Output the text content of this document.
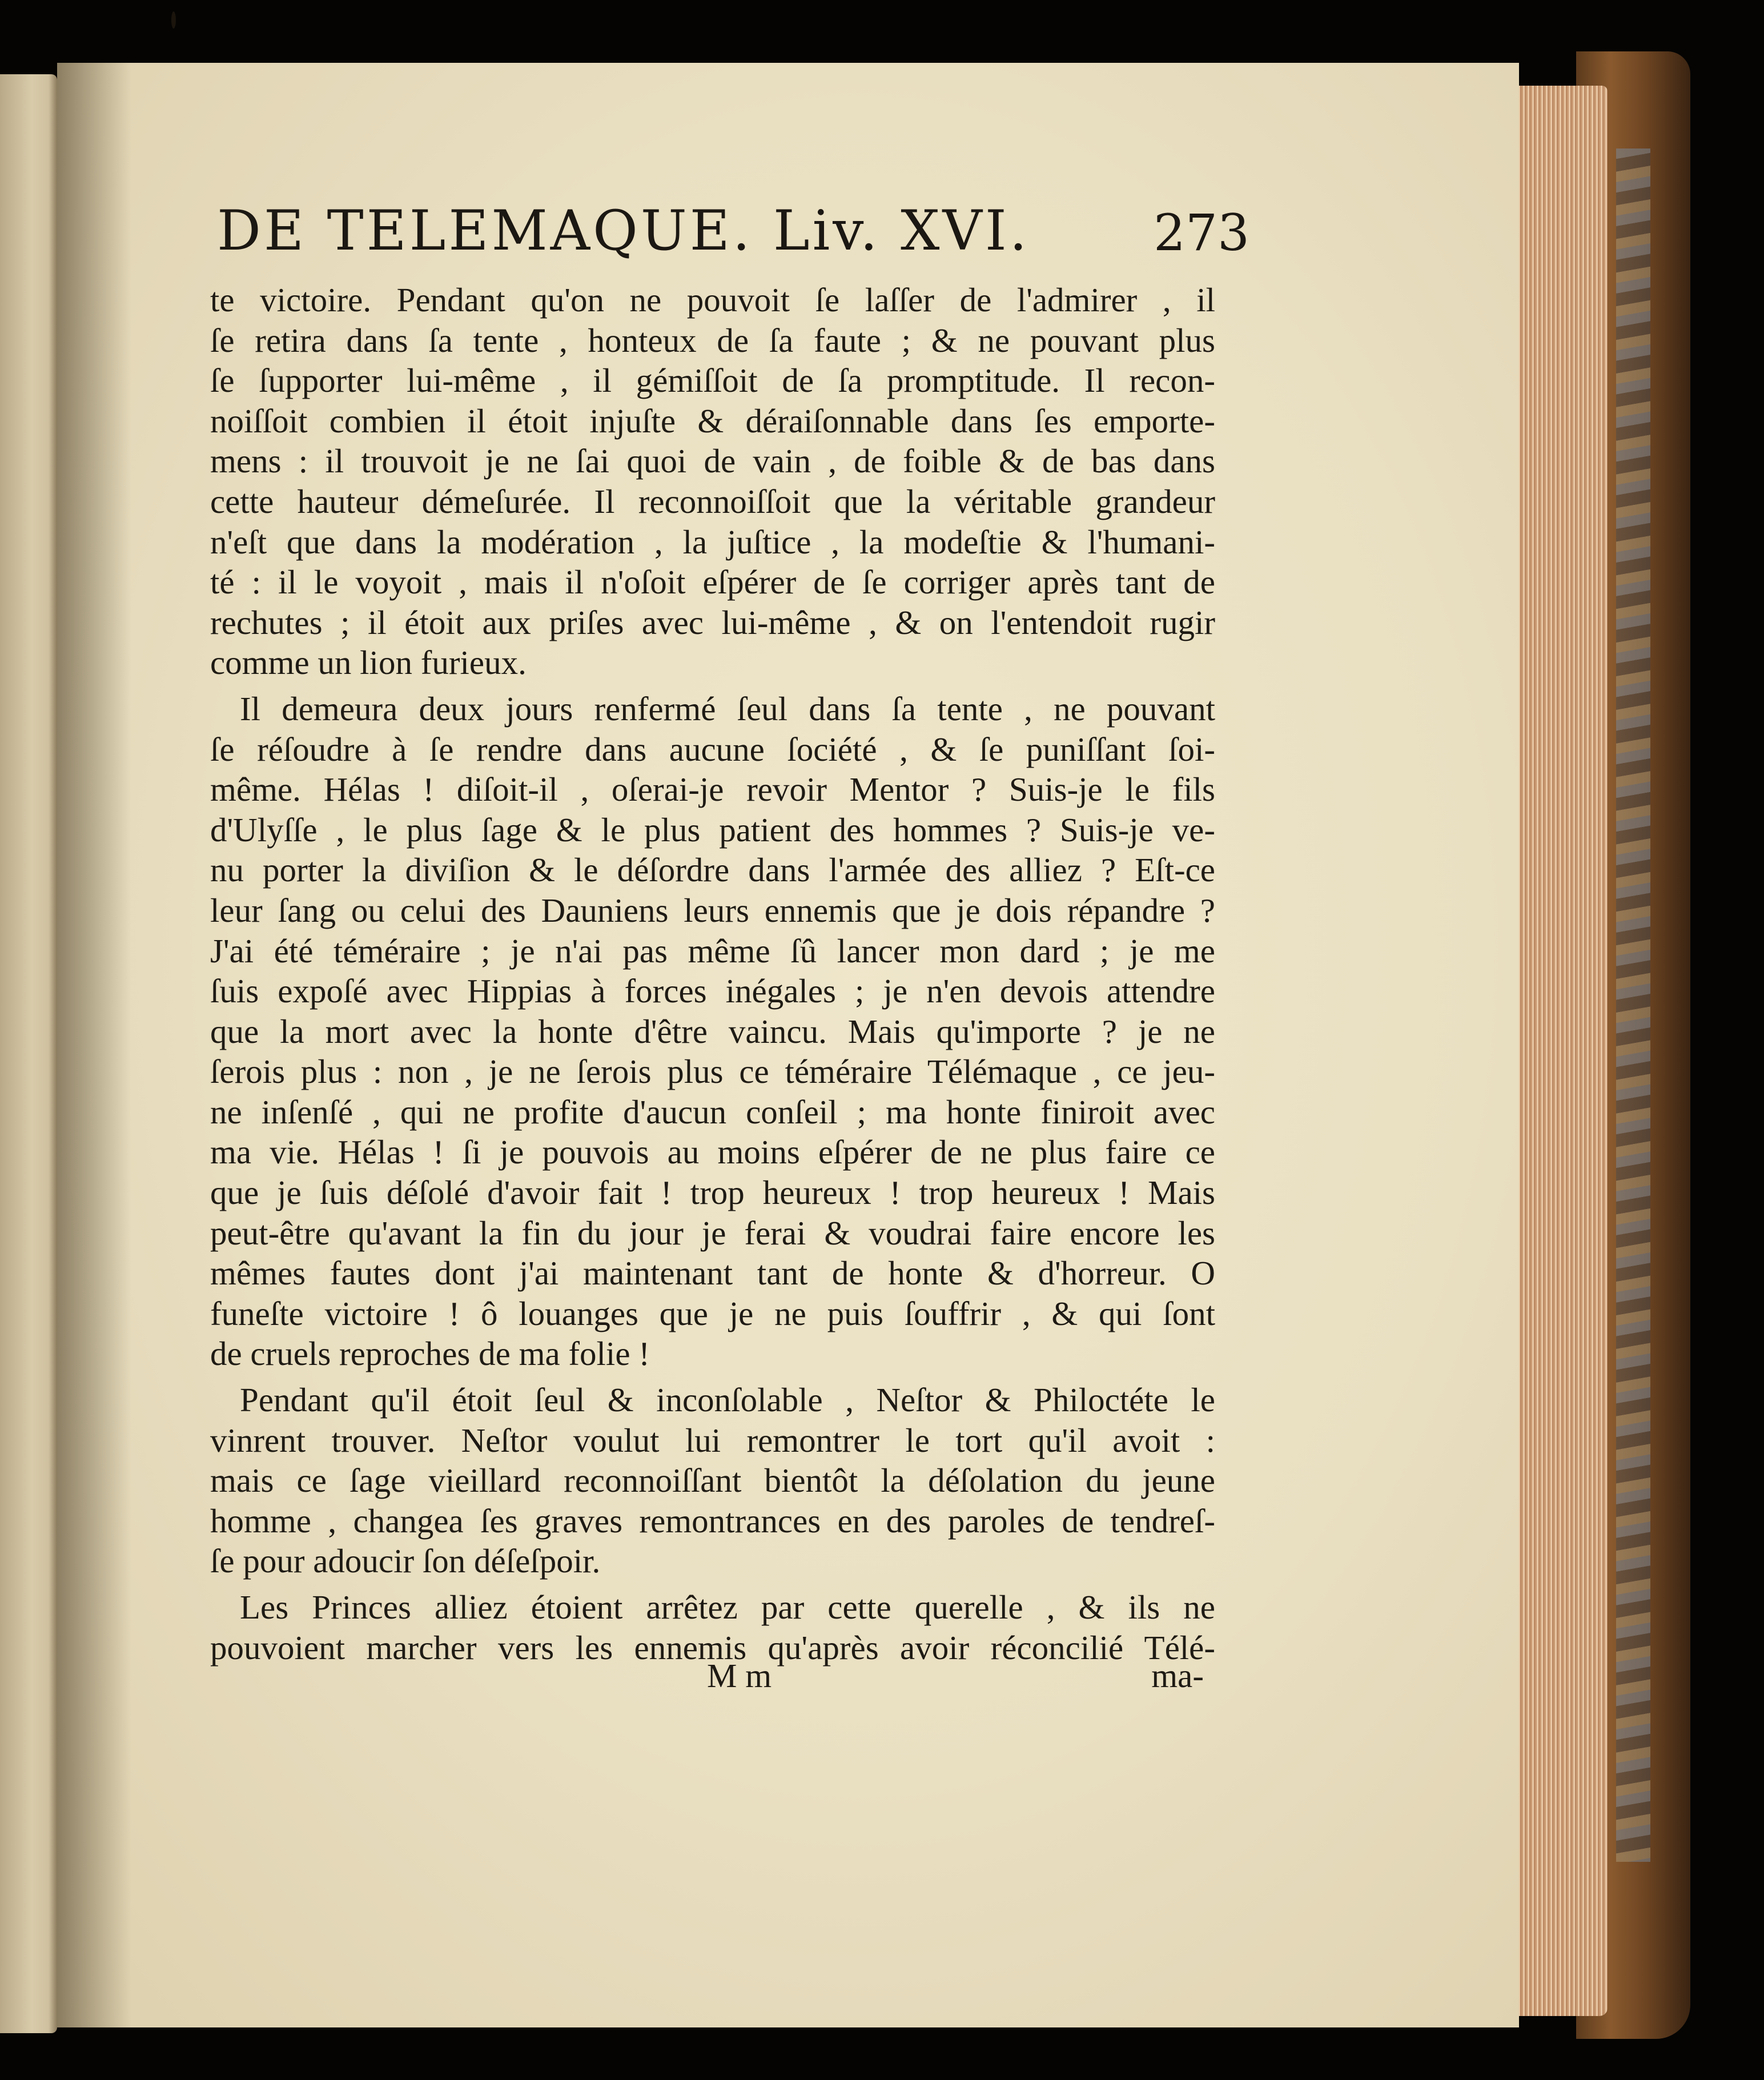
DE TELEMAQUE. Liv. XVI. 273
te victoire. Pendant qu'on ne pouvoit ſe laſſer de l'admirer , il
ſe retira dans ſa tente , honteux de ſa faute ; & ne pouvant plus
ſe ſupporter lui-même , il gémiſſoit de ſa promptitude. Il recon-
noiſſoit combien il étoit injuſte & déraiſonnable dans ſes emporte-
mens : il trouvoit je ne ſai quoi de vain , de foible & de bas dans
cette hauteur démeſurée. Il reconnoiſſoit que la véritable grandeur
n'eſt que dans la modération , la juſtice , la modeſtie & l'humani-
té : il le voyoit , mais il n'oſoit eſpérer de ſe corriger après tant de
rechutes ; il étoit aux priſes avec lui-même , & on l'entendoit rugir
comme un lion furieux.
Il demeura deux jours renfermé ſeul dans ſa tente , ne pouvant
ſe réſoudre à ſe rendre dans aucune ſociété , & ſe puniſſant ſoi-
même. Hélas ! diſoit-il , oſerai-je revoir Mentor ? Suis-je le fils
d'Ulyſſe , le plus ſage & le plus patient des hommes ? Suis-je ve-
nu porter la diviſion & le déſordre dans l'armée des alliez ? Eſt-ce
leur ſang ou celui des Dauniens leurs ennemis que je dois répandre ?
J'ai été téméraire ; je n'ai pas même ſû lancer mon dard ; je me
ſuis expoſé avec Hippias à forces inégales ; je n'en devois attendre
que la mort avec la honte d'être vaincu. Mais qu'importe ? je ne
ſerois plus : non , je ne ſerois plus ce téméraire Télémaque , ce jeu-
ne inſenſé , qui ne profite d'aucun conſeil ; ma honte finiroit avec
ma vie. Hélas ! ſi je pouvois au moins eſpérer de ne plus faire ce
que je ſuis déſolé d'avoir fait ! trop heureux ! trop heureux ! Mais
peut-être qu'avant la fin du jour je ferai & voudrai faire encore les
mêmes fautes dont j'ai maintenant tant de honte & d'horreur. O
funeſte victoire ! ô louanges que je ne puis ſouffrir , & qui ſont
de cruels reproches de ma folie !
Pendant qu'il étoit ſeul & inconſolable , Neſtor & Philoctéte le
vinrent trouver. Neſtor voulut lui remontrer le tort qu'il avoit :
mais ce ſage vieillard reconnoiſſant bientôt la déſolation du jeune
homme , changea ſes graves remontrances en des paroles de tendreſ-
ſe pour adoucir ſon déſeſpoir.
Les Princes alliez étoient arrêtez par cette querelle , & ils ne
pouvoient marcher vers les ennemis qu'après avoir réconcilié Télé-
M m	ma-
